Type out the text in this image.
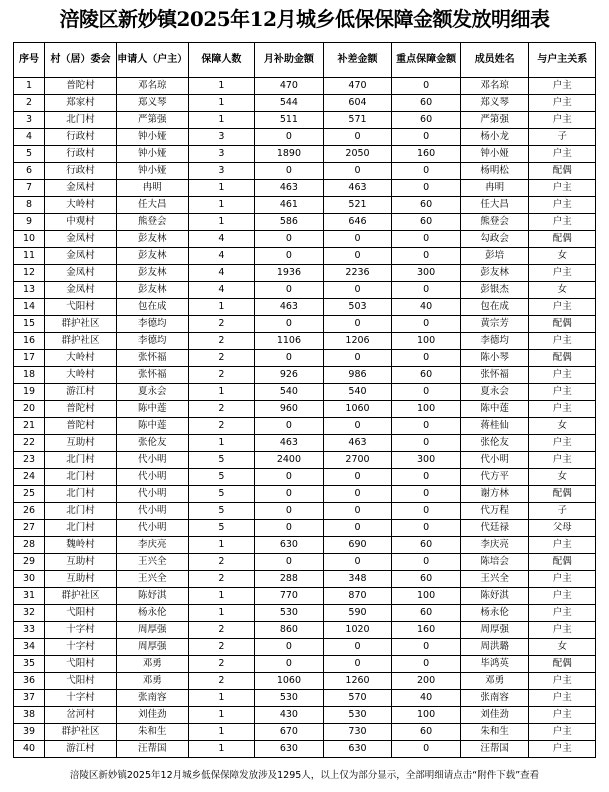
涪陵区新妙镇2025年12月城乡低保保障金额发放明细表
序号	村（居）委会	申请人（户主）	保障人数	月补助金额	补差金额	重点保障金额	成员姓名	与户主关系
1	普陀村	邓名琼	1	470	470	0	邓名琼	户主
2	郑家村	郑义琴	1	544	604	60	郑义琴	户主
3	北门村	严第强	1	511	571	60	严第强	户主
4	行政村	钟小娅	3	0	0	0	杨小龙	子
5	行政村	钟小娅	3	1890	2050	160	钟小娅	户主
6	行政村	钟小娅	3	0	0	0	杨明松	配偶
7	金凤村	冉明	1	463	463	0	冉明	户主
8	大岭村	任大昌	1	461	521	60	任大昌	户主
9	中观村	熊登会	1	586	646	60	熊登会	户主
10	金凤村	彭友林	4	0	0	0	勾政会	配偶
11	金凤村	彭友林	4	0	0	0	彭培	女
12	金凤村	彭友林	4	1936	2236	300	彭友林	户主
13	金凤村	彭友林	4	0	0	0	彭银杰	女
14	弋阳村	包在成	1	463	503	40	包在成	户主
15	群护社区	李德均	2	0	0	0	黄宗芳	配偶
16	群护社区	李德均	2	1106	1206	100	李德均	户主
17	大岭村	张怀福	2	0	0	0	陈小琴	配偶
18	大岭村	张怀福	2	926	986	60	张怀福	户主
19	游江村	夏永会	1	540	540	0	夏永会	户主
20	普陀村	陈中莲	2	960	1060	100	陈中莲	户主
21	普陀村	陈中莲	2	0	0	0	蒋桂仙	女
22	互助村	张伦友	1	463	463	0	张伦友	户主
23	北门村	代小明	5	2400	2700	300	代小明	户主
24	北门村	代小明	5	0	0	0	代方平	女
25	北门村	代小明	5	0	0	0	谢方林	配偶
26	北门村	代小明	5	0	0	0	代万程	子
27	北门村	代小明	5	0	0	0	代廷禄	父母
28	魏岭村	李庆亮	1	630	690	60	李庆亮	户主
29	互助村	王兴全	2	0	0	0	陈培会	配偶
30	互助村	王兴全	2	288	348	60	王兴全	户主
31	群护社区	陈妤淇	1	770	870	100	陈妤淇	户主
32	弋阳村	杨永伦	1	530	590	60	杨永伦	户主
33	十字村	周厚强	2	860	1020	160	周厚强	户主
34	十字村	周厚强	2	0	0	0	周洪璐	女
35	弋阳村	邓勇	2	0	0	0	毕鸿英	配偶
36	弋阳村	邓勇	2	1060	1260	200	邓勇	户主
37	十字村	张南容	1	530	570	40	张南容	户主
38	岔河村	刘佳劲	1	430	530	100	刘佳劲	户主
39	群护社区	朱和生	1	670	730	60	朱和生	户主
40	游江村	汪帮国	1	630	630	0	汪帮国	户主
涪陵区新妙镇2025年12月城乡低保保障发放涉及1295人，以上仅为部分显示，全部明细请点击“附件下载”查看
